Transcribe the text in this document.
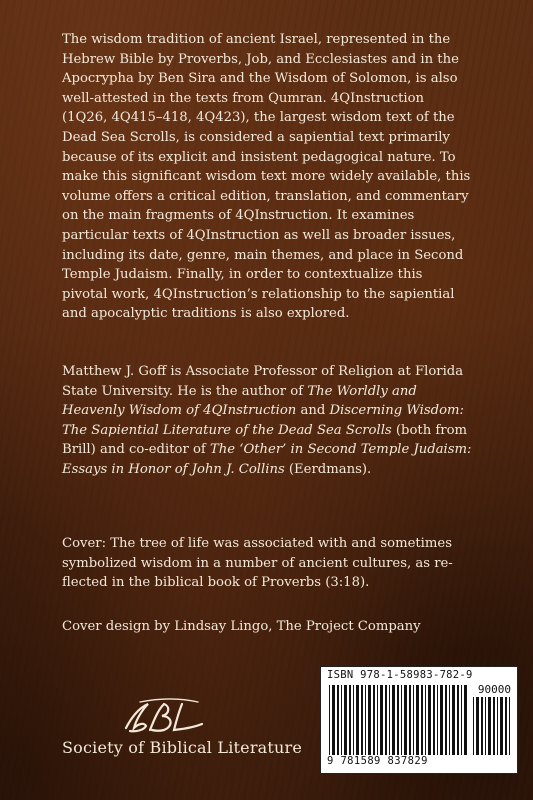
The wisdom tradition of ancient Israel, represented in the Hebrew Bible by Proverbs, Job, and Ecclesiastes and in the Apocrypha by Ben Sira and the Wisdom of Solomon, is also well-attested in the texts from Qumran. 4QInstruction (1Q26, 4Q415–418, 4Q423), the largest wisdom text of the Dead Sea Scrolls, is considered a sapiential text primarily because of its explicit and insistent pedagogical nature. To make this significant wisdom text more widely available, this volume offers a critical edition, translation, and commentary on the main fragments of 4QInstruction. It examines particular texts of 4QInstruction as well as broader issues, including its date, genre, main themes, and place in Second Temple Judaism. Finally, in order to contextualize this pivotal work, 4QInstruction’s relationship to the sapiential and apocalyptic traditions is also explored.

Matthew J. Goff is Associate Professor of Religion at Florida State University. He is the author of The Worldly and Heavenly Wisdom of 4QInstruction and Discerning Wisdom: The Sapiential Literature of the Dead Sea Scrolls (both from Brill) and co-editor of The ‘Other’ in Second Temple Judaism: Essays in Honor of John J. Collins (Eerdmans).

Cover: The tree of life was associated with and sometimes symbolized wisdom in a number of ancient cultures, as re-flected in the biblical book of Proverbs (3:18).

Cover design by Lindsay Lingo, The Project Company

Society of Biblical Literature
ISBN 978-1-58983-782-9
90000
9 781589 837829
